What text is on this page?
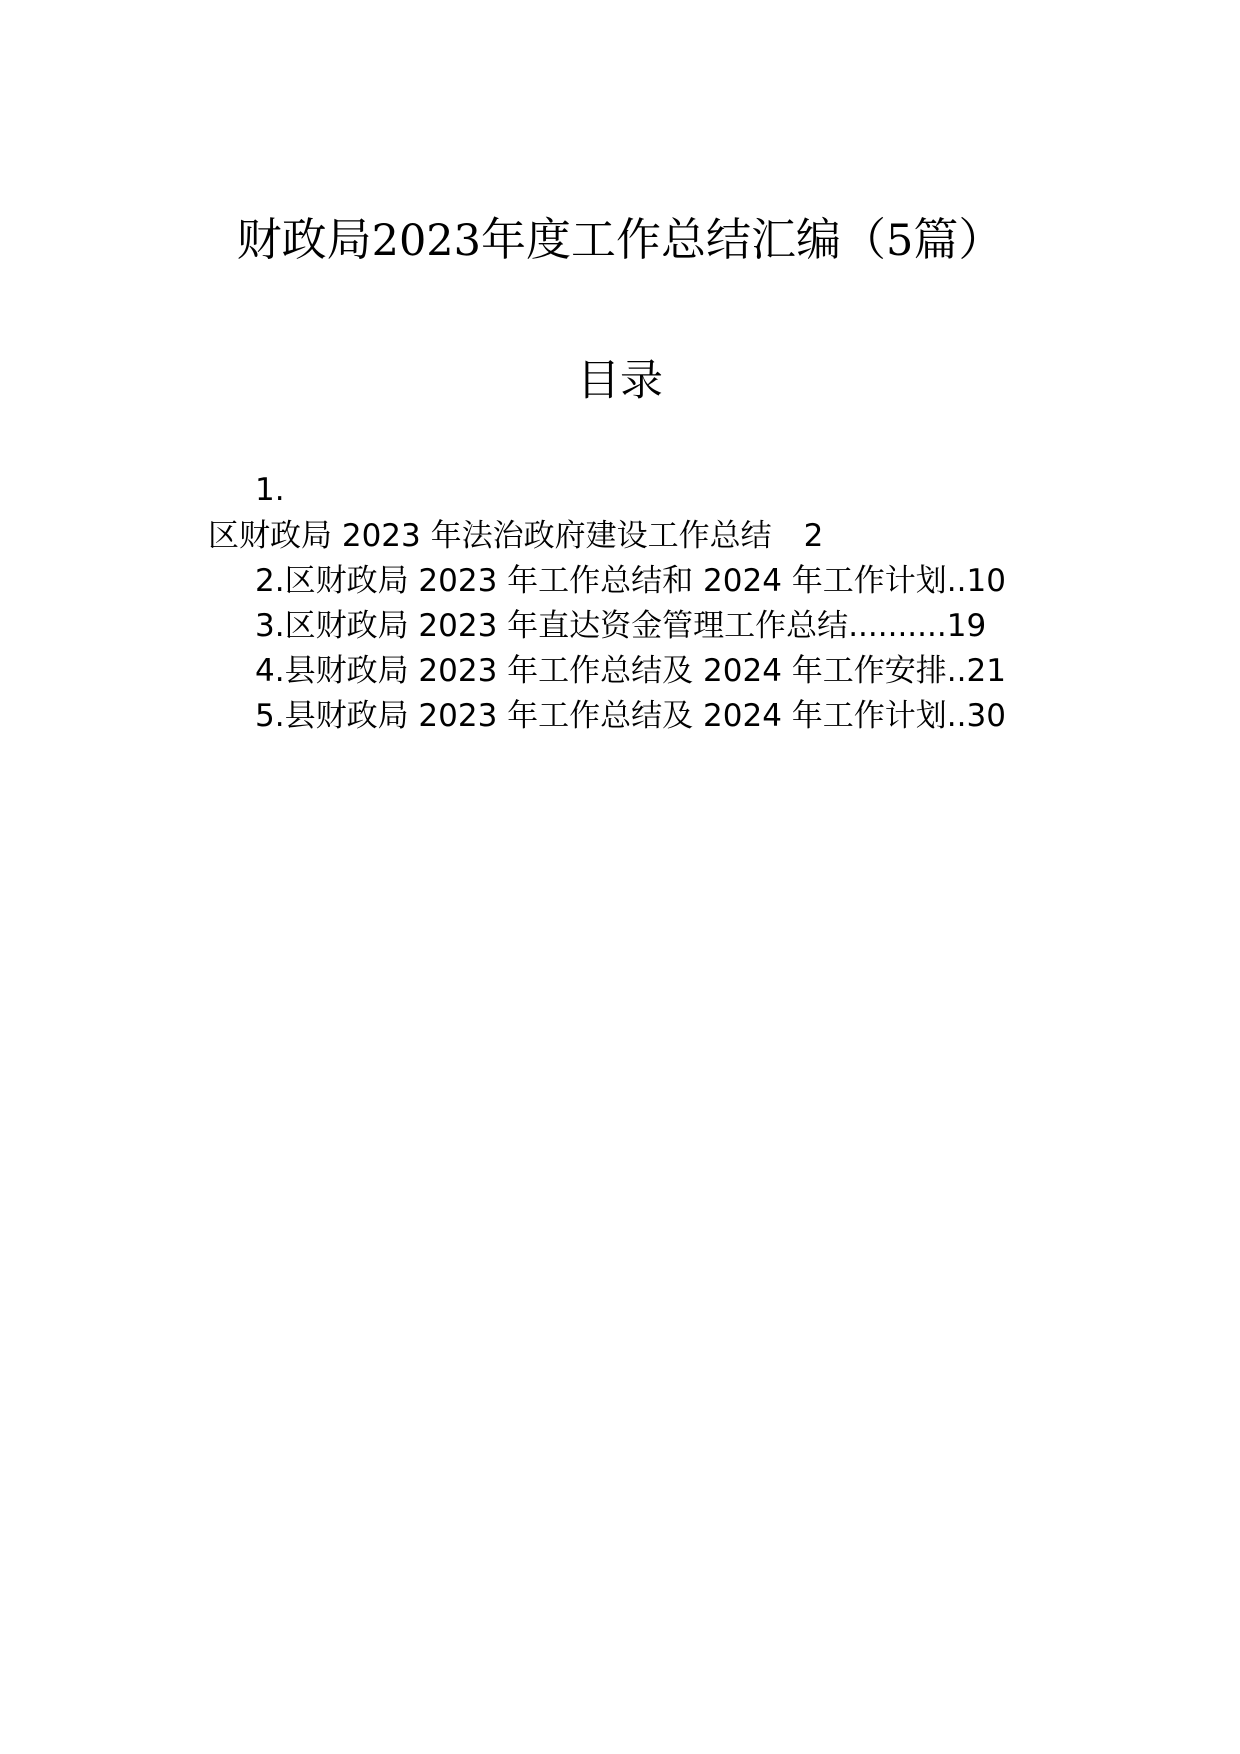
财政局2023年度工作总结汇编（5篇）
目录
1.
区财政局 2023 年法治政府建设工作总结 2
2.区财政局 2023 年工作总结和 2024 年工作计划..10
3.区财政局 2023 年直达资金管理工作总结..........19
4.县财政局 2023 年工作总结及 2024 年工作安排..21
5.县财政局 2023 年工作总结及 2024 年工作计划..30
